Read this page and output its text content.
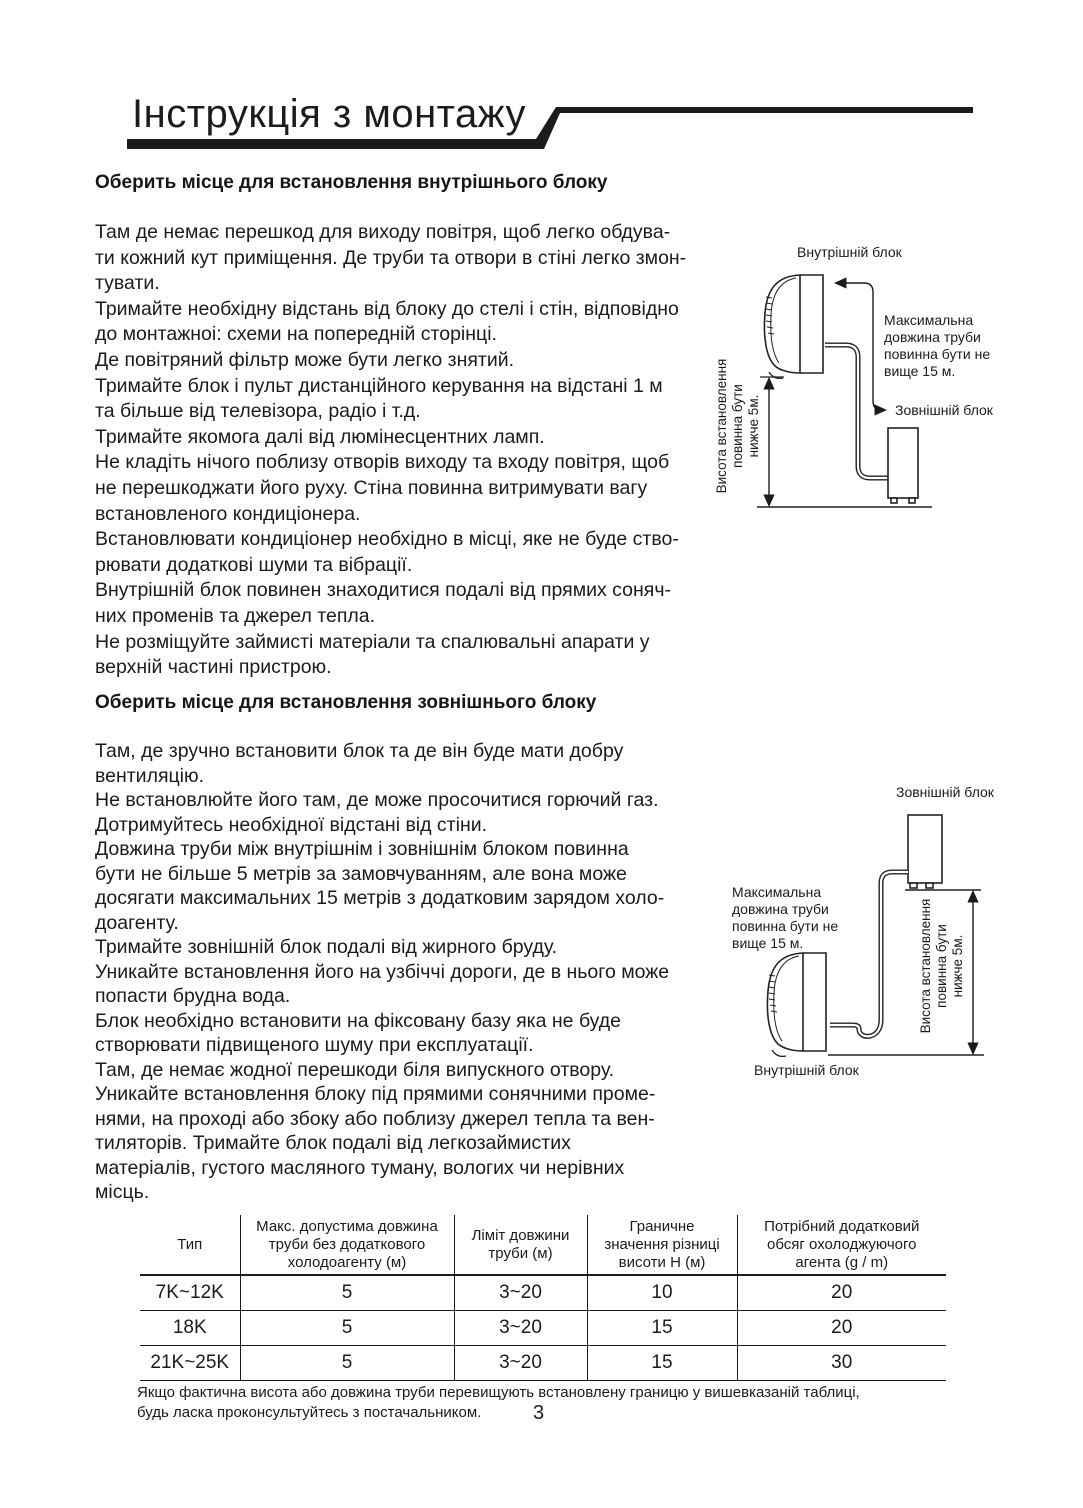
Інструкція з монтажу
Оберить місце для встановлення внутрішнього блоку
Там де немає перешкод для виходу повітря, щоб легко обдува-
ти кожний кут приміщення. Де труби та отвори в стіні легко змон-
тувати.
Тримайте необхідну відстань від блоку до стелі і стін, відповідно
до монтажноі: схеми на попередній сторінці.
Де повітряний фільтр може бути легко знятий.
Тримайте блок і пульт дистанційного керування на відстані 1 м
та більше від телевізора, радіо і т.д.
Тримайте якомога далі від люмінесцентних ламп.
Не кладіть нічого поблизу отворів виходу та входу повітря, щоб
не перешкоджати його руху. Стіна повинна витримувати вагу
встановленого кондиціонера.
Встановлювати кондиціонер необхідно в місці, яке не буде ство-
рювати додаткові шуми та вібрації.
Внутрішній блок повинен знаходитися подалі від прямих соняч-
них променів та джерел тепла.
Не розміщуйте займисті матеріали та спалювальні апарати у
верхній частині пристрою.
Внутрішній блок
Максимальна
довжина труби
повинна бути не
вище 15 м.
Зовнішній блок
Висота встановлення повинна бути нижче 5м.
Оберить місце для встановлення зовнішнього блоку
Там, де зручно встановити блок та де він буде мати добру
вентиляцію.
Не встановлюйте його там, де може просочитися горючий газ.
Дотримуйтесь необхідної відстані від стіни.
Довжина труби між внутрішнім і зовнішнім блоком повинна
бути не більше 5 метрів за замовчуванням, але вона може
досягати максимальних 15 метрів з додатковим зарядом холо-
доагенту.
Тримайте зовнішній блок подалі від жирного бруду.
Уникайте встановлення його на узбіччі дороги, де в нього може
попасти брудна вода.
Блок необхідно встановити на фіксовану базу яка не буде
створювати підвищеного шуму при експлуатації.
Там, де немає жодної перешкоди біля випускного отвору.
Уникайте встановлення блоку під прямими сонячними проме-
нями, на проході або збоку або поблизу джерел тепла та вен-
тиляторів. Тримайте блок подалі від легкозаймистих
матеріалів, густого масляного туману, вологих чи нерівних
місць.
Зовнішній блок
Максимальна
довжина труби
повинна бути не
вище 15 м.	Висота встановлення повинна бути нижче 5м.
Внутрішній блок
Тип	Макс. допустима довжина труби без додаткового холодоагенту (м)	Ліміт довжини труби (м)	Граничне значення різниці висоти Н (м)	Потрібний додатковий обсяг охолоджуючого агента (g / m)
7K~12K	5	3~20	10	20
18K	5	3~20	15	20
21K~25K	5	3~20	15	30
Якщо фактична висота або довжина труби перевищують встановлену границю у вишевказаній таблиці,
будь ласка проконсультуйтесь з постачальником.	3
